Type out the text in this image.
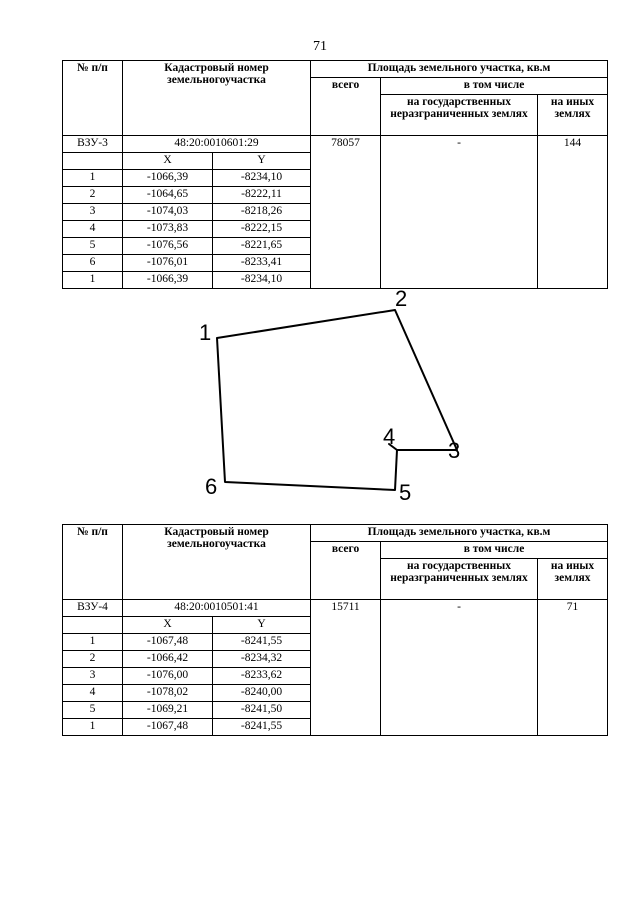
71
№ п/п	Кадастровый номер земельногоучастка		Площадь земельного участка, кв.м		
			всего	в том числе	
				на государственных неразграниченных землях	на иных землях
ВЗУ-3	48:20:0010601:29		78057	-	144
	X	Y			
1	-1066,39	-8234,10			
2	-1064,65	-8222,11			
3	-1074,03	-8218,26			
4	-1073,83	-8222,15			
5	-1076,56	-8221,65			
6	-1076,01	-8233,41			
1	-1066,39	-8234,10			
1
2
3
4
5
6
№ п/п	Кадастровый номер земельногоучастка		Площадь земельного участка, кв.м		
			всего	в том числе	
				на государственных неразграниченных землях	на иных землях
ВЗУ-4	48:20:0010501:41		15711	-	71
	X	Y			
1	-1067,48	-8241,55			
2	-1066,42	-8234,32			
3	-1076,00	-8233,62			
4	-1078,02	-8240,00			
5	-1069,21	-8241,50			
1	-1067,48	-8241,55			
